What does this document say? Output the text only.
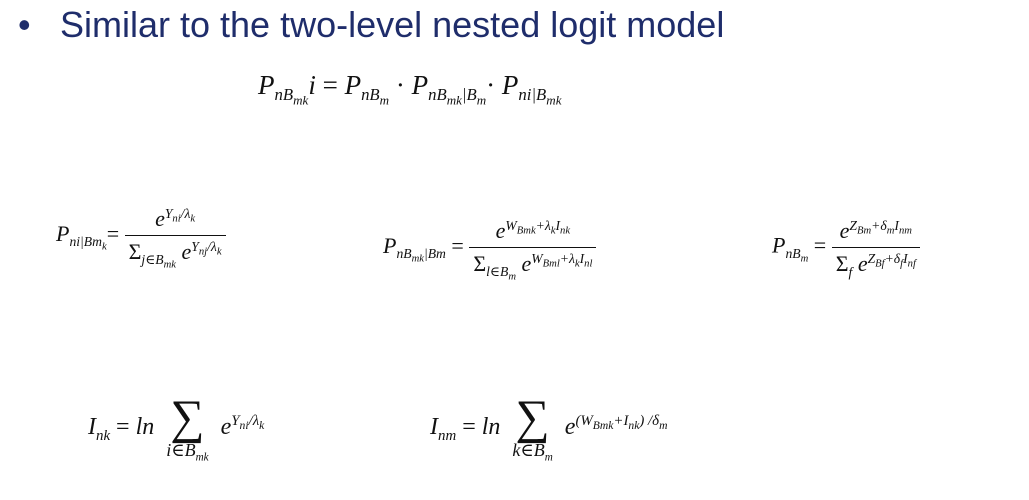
• Similar to the two-level nested logit model
$P_{nB_{mk}}i = P_{nB_m} \cdot P_{nB_{mk}|B_m}\cdot P_{ni|B_{mk}}$
$P_{ni|Bm_k}= \frac{e^{Y_{ni}/\lambda_k}}{\Sigma_{j\in B_{mk}} e^{Y_{nj}/\lambda_k}}$	$P_{nB_{mk}|Bm} = \frac{e^{W_{Bmk}+\lambda_kI_{nk}}}{\Sigma_{l\in B_m} e^{W_{Bml}+\lambda_kI_{nl}}}$	$P_{nB_m} = \frac{e^{Z_{Bm}+\delta_mI_{nm}}}{\Sigma_f e^{Z_{Bf}+\delta_fI_{nf}}}$
$I_{nk} = \ln$ ∑
$i\in B_{mk}$
$e^{Y_{ni}/\lambda_k}$	$I_{nm} = \ln$ ∑
$k\in B_m$
$e^{(W_{Bmk}+I_{nk}) /\delta_m}$
